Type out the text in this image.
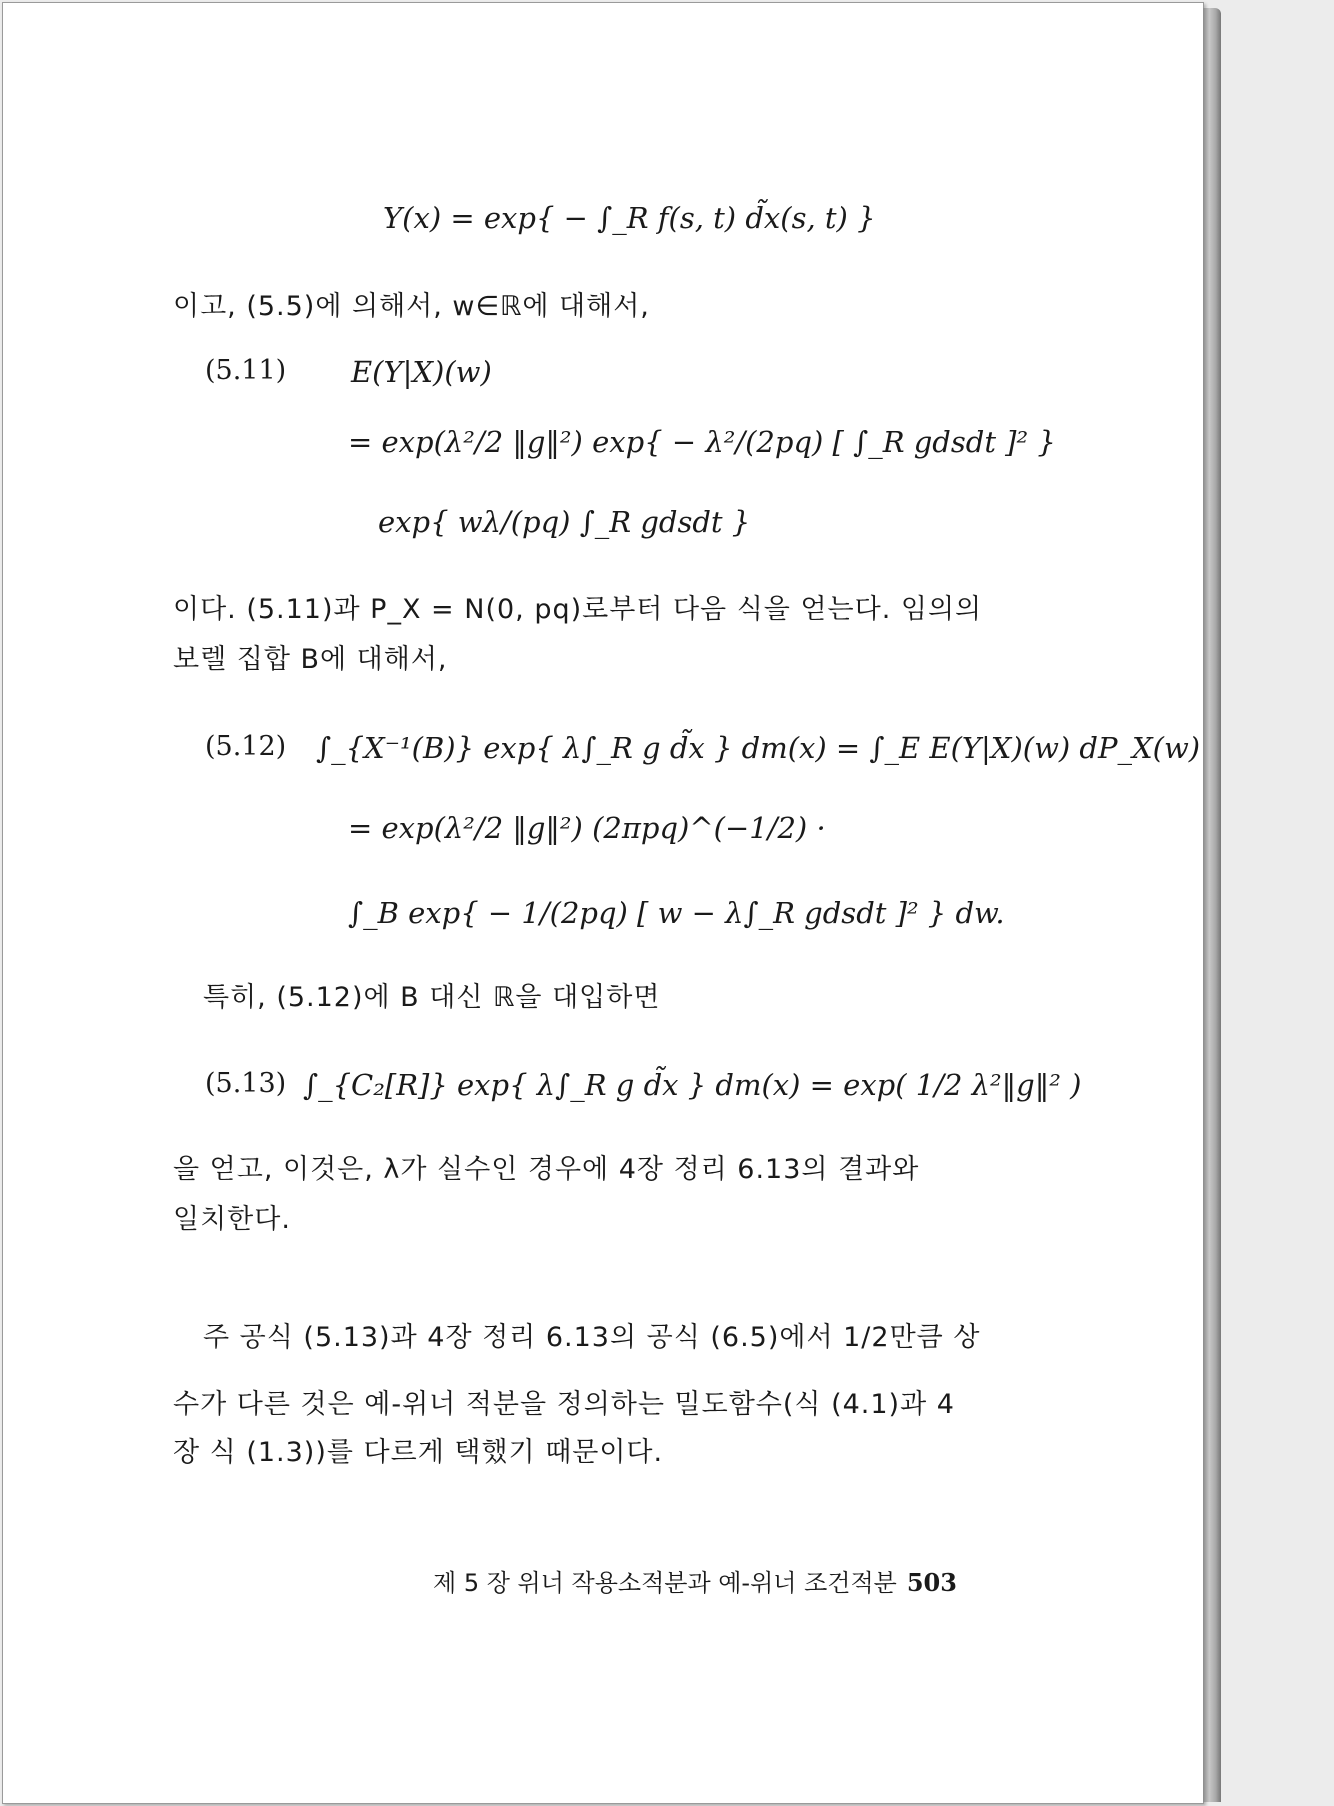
Y(x) = exp{ − ∫_R f(s, t) d̃x(s, t) }
이고, (5.5)에 의해서, w∈ℝ에 대해서,
(5.11) E(Y|X)(w)
= exp(λ²/2 ‖g‖²) exp{ − λ²/(2pq) [ ∫_R gdsdt ]² }
exp{ wλ/(pq) ∫_R gdsdt }
이다. (5.11)과 P_X = N(0, pq)로부터 다음 식을 얻는다. 임의의
보렐 집합 B에 대해서,
(5.12) ∫_{X⁻¹(B)} exp{ λ∫_R g d̃x } dm(x) = ∫_E E(Y|X)(w) dP_X(w)
= exp(λ²/2 ‖g‖²) (2πpq)^(−1/2) ·
∫_B exp{ − 1/(2pq) [ w − λ∫_R gdsdt ]² } dw.
특히, (5.12)에 B 대신 ℝ을 대입하면
(5.13) ∫_{C₂[R]} exp{ λ∫_R g d̃x } dm(x) = exp( 1/2 λ²‖g‖² )
을 얻고, 이것은, λ가 실수인 경우에 4장 정리 6.13의 결과와
일치한다.
주 공식 (5.13)과 4장 정리 6.13의 공식 (6.5)에서 1/2만큼 상
수가 다른 것은 예-위너 적분을 정의하는 밀도함수(식 (4.1)과 4
장 식 (1.3))를 다르게 택했기 때문이다.
제 5 장 위너 작용소적분과 예-위너 조건적분 503
